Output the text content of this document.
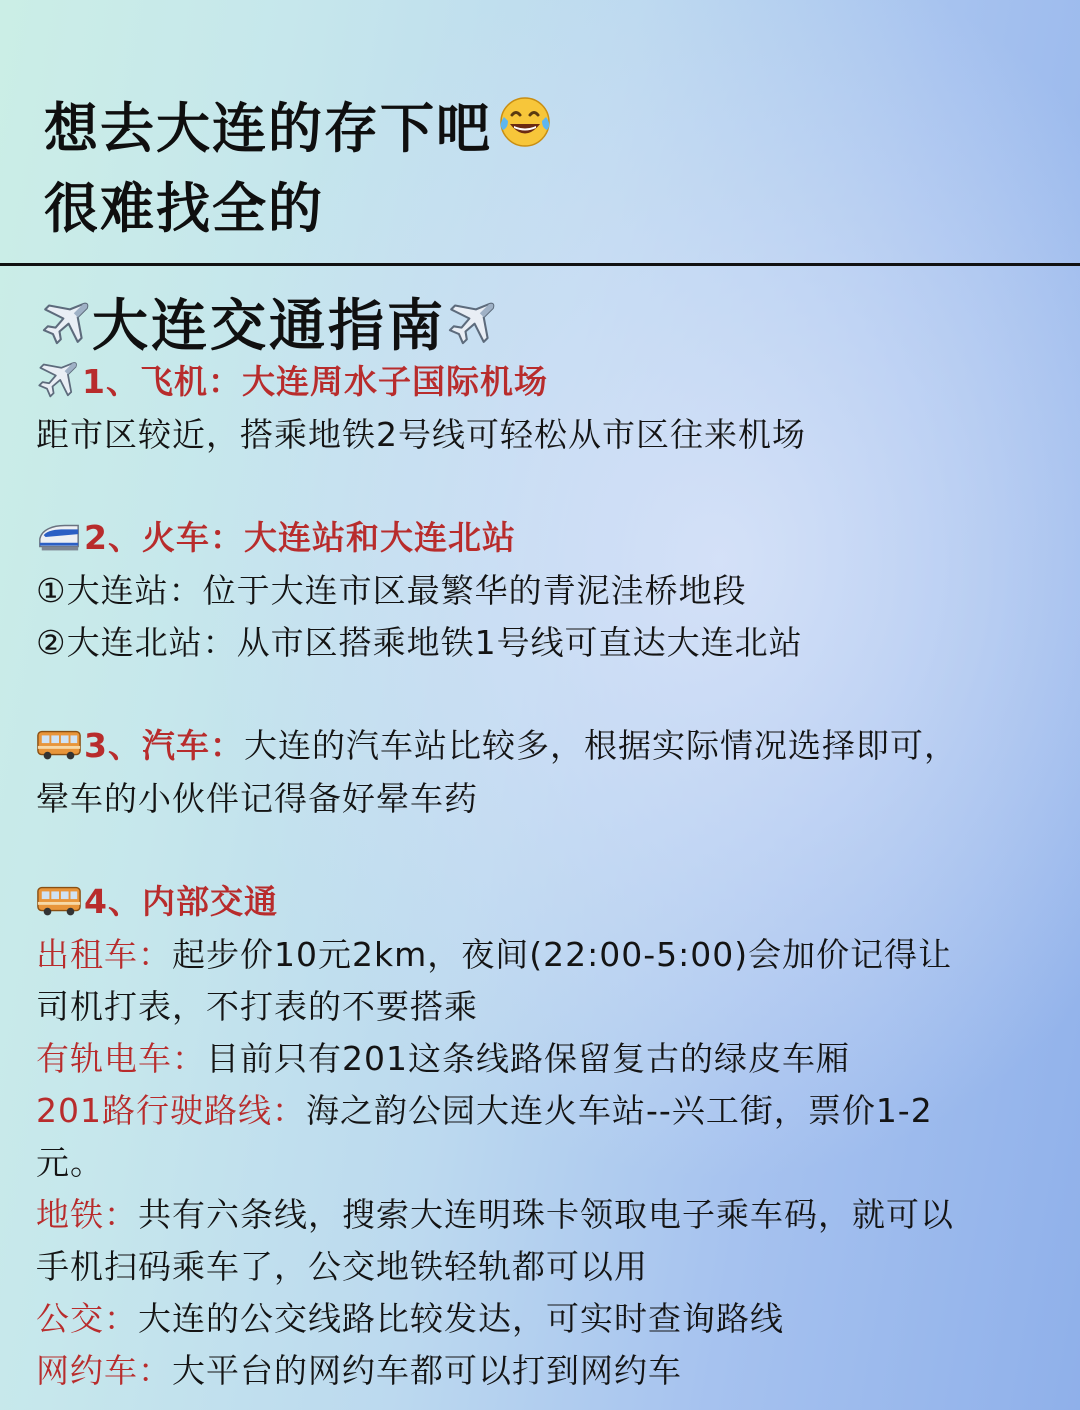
想去大连的存下吧
很难找全的
大连交通指南
1、飞机：大连周水子国际机场
距市区较近，搭乘地铁2号线可轻松从市区往来机场
2、火车：大连站和大连北站
①大连站：位于大连市区最繁华的青泥洼桥地段
②大连北站：从市区搭乘地铁1号线可直达大连北站
3、汽车：大连的汽车站比较多，根据实际情况选择即可，
晕车的小伙伴记得备好晕车药
4、内部交通
出租车：起步价10元2km，夜间(22:00-5:00)会加价记得让
司机打表，不打表的不要搭乘
有轨电车：目前只有201这条线路保留复古的绿皮车厢
201路行驶路线：海之韵公园大连火车站--兴工街，票价1-2
元。
地铁：共有六条线，搜索大连明珠卡领取电子乘车码，就可以
手机扫码乘车了，公交地铁轻轨都可以用
公交：大连的公交线路比较发达，可实时查询路线
网约车：大平台的网约车都可以打到网约车
